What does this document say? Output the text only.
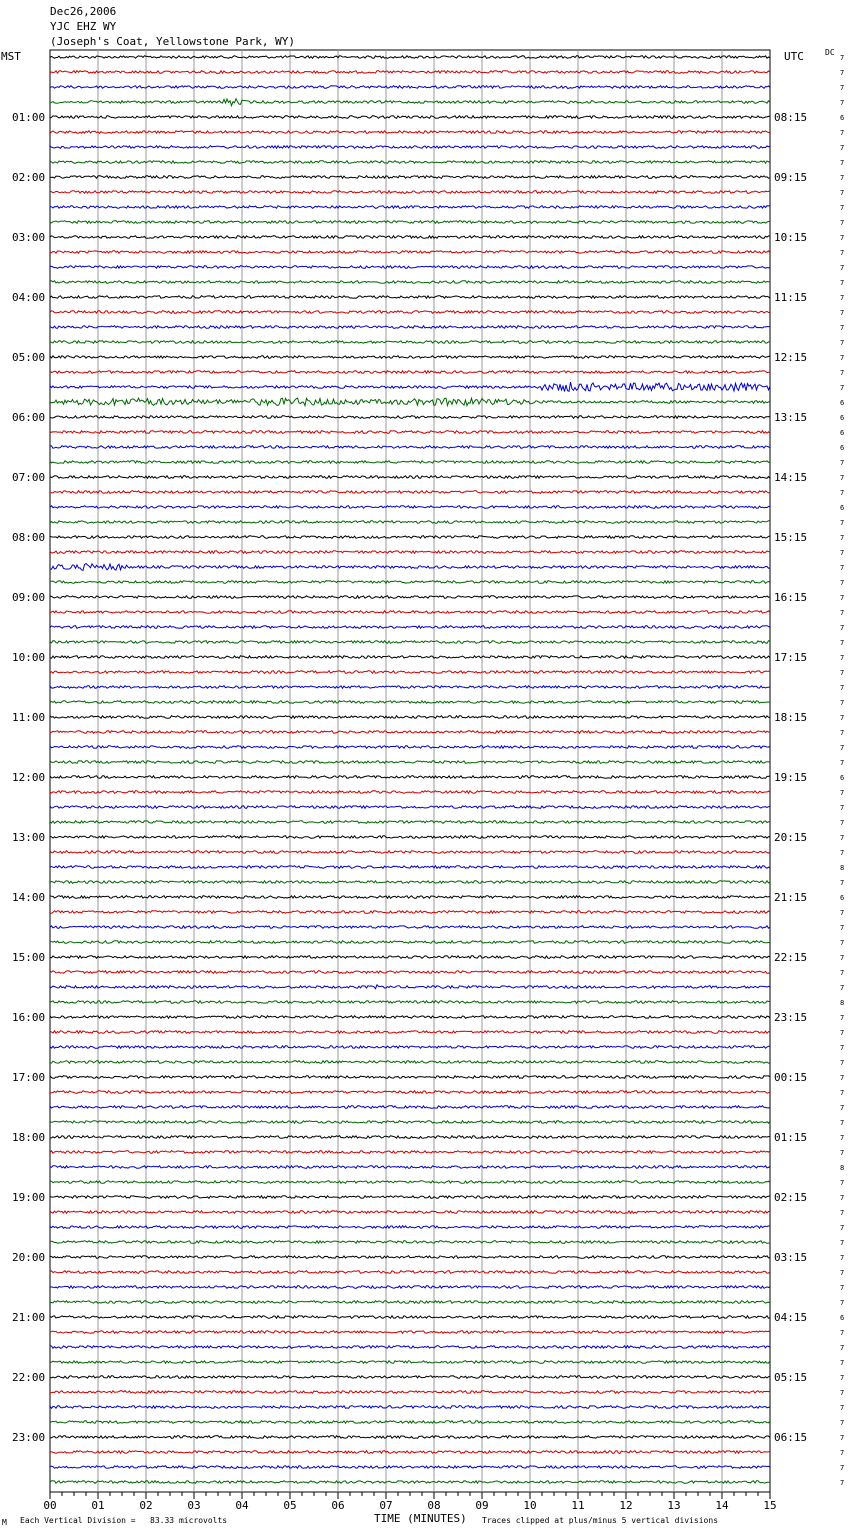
Dec26,2006
YJC EHZ WY
(Joseph's Coat, Yellowstone Park, WY)
MST	UTC	DC
01:00	08:15
02:00	09:15
03:00	10:15
04:00	11:15
05:00	12:15
06:00	13:15
07:00	14:15
08:00	15:15
09:00	16:15
10:00	17:15
11:00	18:15
12:00	19:15
13:00	20:15
14:00	21:15
15:00	22:15
16:00	23:15
17:00	00:15
18:00	01:15
19:00	02:15
20:00	03:15
21:00	04:15
22:00	05:15
23:00	06:15
7
7
7
7
6
7
7
7
7
7
7
7
7
7
7
7
7
7
7
7
7
7
7
6
6
6
6
7
7
7
6
7
7
7
7
7
7
7
7
7
7
7
7
7
7
7
7
7
6
7
7
7
7
7
8
7
6
7
7
7
7
7
7
8
7
7
7
7
7
7
7
7
7
7
8
7
7
7
7
7
7
7
7
7
6
7
7
7
7
7
7
7
7
7
7
7
00	01	02	03	04	05	06	07	08	09	10	11	12	13	14	15
M Each Vertical Division =   83.33 microvolts	TIME (MINUTES) Traces clipped at plus/minus 5 vertical divisions
